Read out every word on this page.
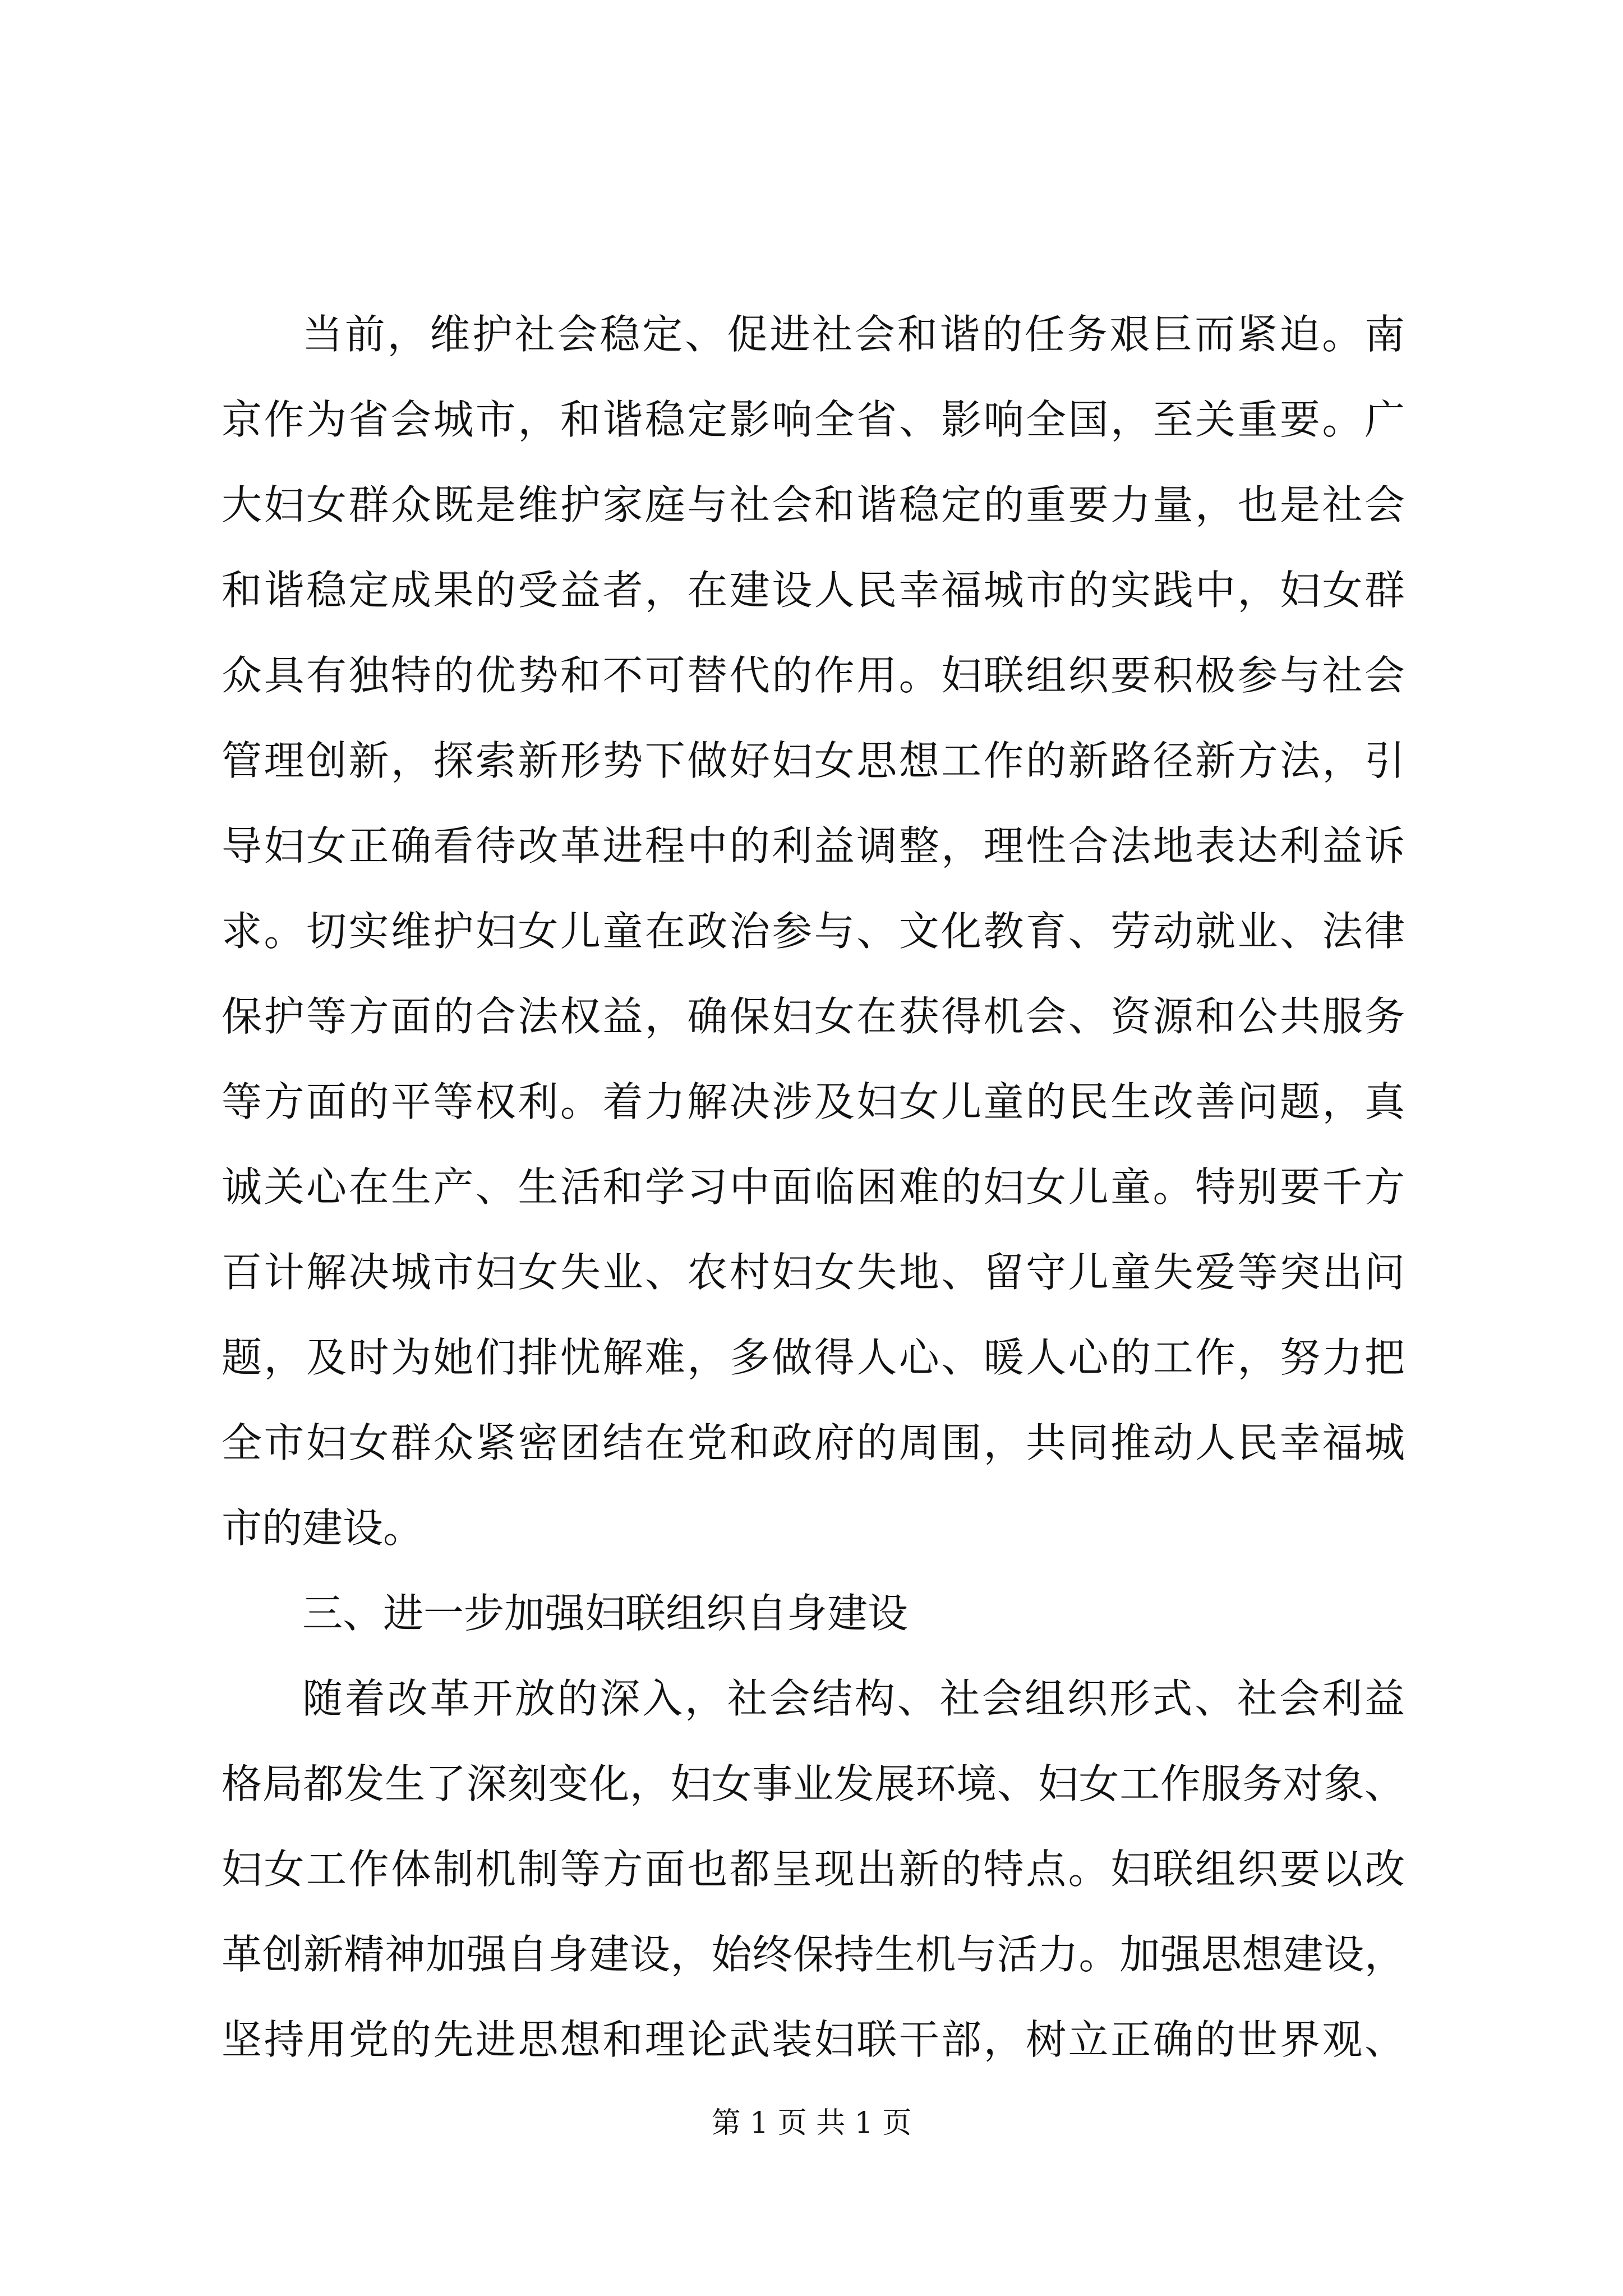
当前，维护社会稳定、促进社会和谐的任务艰巨而紧迫。南
京作为省会城市，和谐稳定影响全省、影响全国，至关重要。广
大妇女群众既是维护家庭与社会和谐稳定的重要力量，也是社会
和谐稳定成果的受益者，在建设人民幸福城市的实践中，妇女群
众具有独特的优势和不可替代的作用。妇联组织要积极参与社会
管理创新，探索新形势下做好妇女思想工作的新路径新方法，引
导妇女正确看待改革进程中的利益调整，理性合法地表达利益诉
求。切实维护妇女儿童在政治参与、文化教育、劳动就业、法律
保护等方面的合法权益，确保妇女在获得机会、资源和公共服务
等方面的平等权利。着力解决涉及妇女儿童的民生改善问题，真
诚关心在生产、生活和学习中面临困难的妇女儿童。特别要千方
百计解决城市妇女失业、农村妇女失地、留守儿童失爱等突出问
题，及时为她们排忧解难，多做得人心、暖人心的工作，努力把
全市妇女群众紧密团结在党和政府的周围，共同推动人民幸福城
市的建设。
三、进一步加强妇联组织自身建设
随着改革开放的深入，社会结构、社会组织形式、社会利益
格局都发生了深刻变化，妇女事业发展环境、妇女工作服务对象、
妇女工作体制机制等方面也都呈现出新的特点。妇联组织要以改
革创新精神加强自身建设，始终保持生机与活力。加强思想建设，
坚持用党的先进思想和理论武装妇联干部，树立正确的世界观、
第 1 页 共 1 页
